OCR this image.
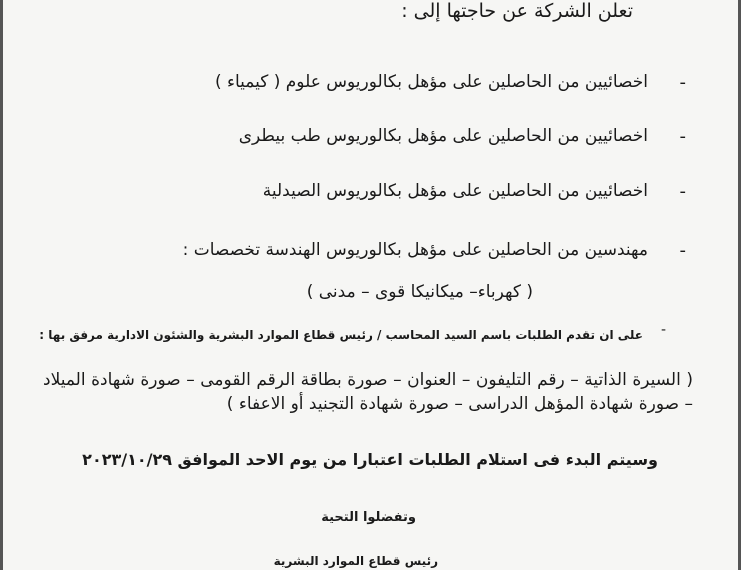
تعلن الشركة عن حاجتها إلى :
-
اخصائيين من الحاصلين على مؤهل بكالوريوس علوم ( كيمياء )
-
اخصائيين من الحاصلين على مؤهل بكالوريوس طب بيطرى
-
اخصائيين من الحاصلين على مؤهل بكالوريوس الصيدلية
-
مهندسين من الحاصلين على مؤهل بكالوريوس الهندسة تخصصات :
( كهرباء– ميكانيكا قوى – مدنى )
-
على ان تقدم الطلبات باسم السيد المحاسب / رئيس قطاع الموارد البشرية والشئون الادارية مرفق بها :
( السيرة الذاتية – رقم التليفون – العنوان – صورة بطاقة الرقم القومى – صورة شهادة الميلاد – صورة شهادة المؤهل الدراسى – صورة شهادة التجنيد أو الاعفاء )
وسيتم البدء فى استلام الطلبات اعتبارا من يوم الاحد الموافق ٢٠٢٣/١٠/٢٩
وتفضلوا التحية
رئيس قطاع الموارد البشرية
